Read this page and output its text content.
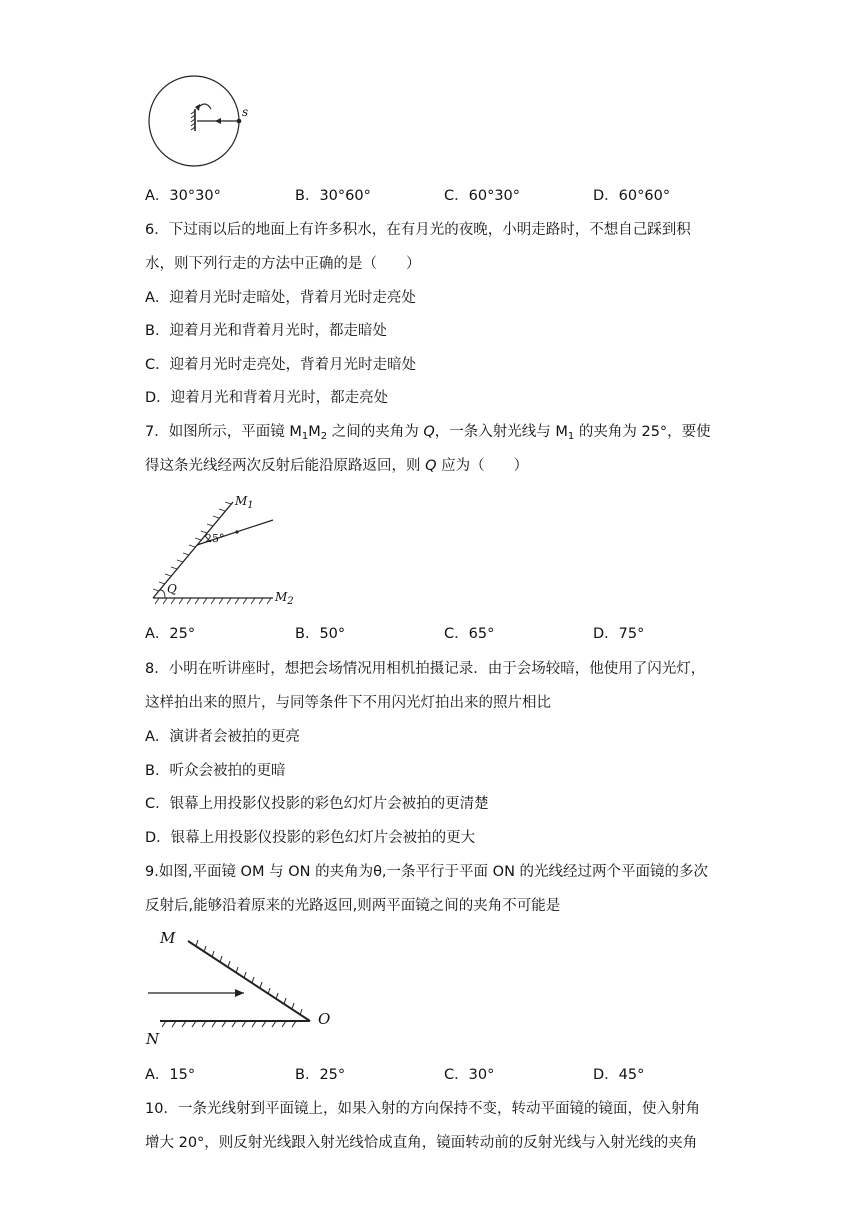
s
A．30°30°	B．30°60°	C．60°30°	D．60°60°
6．下过雨以后的地面上有许多积水，在有月光的夜晚，小明走路时，不想自己踩到积
水，则下列行走的方法中正确的是（　　）
A．迎着月光时走暗处，背着月光时走亮处
B．迎着月光和背着月光时，都走暗处
C．迎着月光时走亮处，背着月光时走暗处
D．迎着月光和背着月光时，都走亮处
7．如图所示，平面镜 $M_1M_2$ 之间的夹角为 Q，一条入射光线与 $M_1$ 的夹角为 25°，要使
得这条光线经两次反射后能沿原路返回，则 Q 应为（　　）
$M_1$
25°
Q
$M_2$
A．25°	B．50°	C．65°	D．75°
8．小明在听讲座时，想把会场情况用相机拍摄记录．由于会场较暗，他使用了闪光灯，
这样拍出来的照片，与同等条件下不用闪光灯拍出来的照片相比
A．演讲者会被拍的更亮
B．听众会被拍的更暗
C．银幕上用投影仪投影的彩色幻灯片会被拍的更清楚
D．银幕上用投影仪投影的彩色幻灯片会被拍的更大
9.如图,平面镜 OM 与 ON 的夹角为θ,一条平行于平面 ON 的光线经过两个平面镜的多次
反射后,能够沿着原来的光路返回,则两平面镜之间的夹角不可能是
M
N
O
A．15°	B．25°	C．30°	D．45°
10．一条光线射到平面镜上，如果入射的方向保持不变，转动平面镜的镜面，使入射角
增大 20°，则反射光线跟入射光线恰成直角，镜面转动前的反射光线与入射光线的夹角
